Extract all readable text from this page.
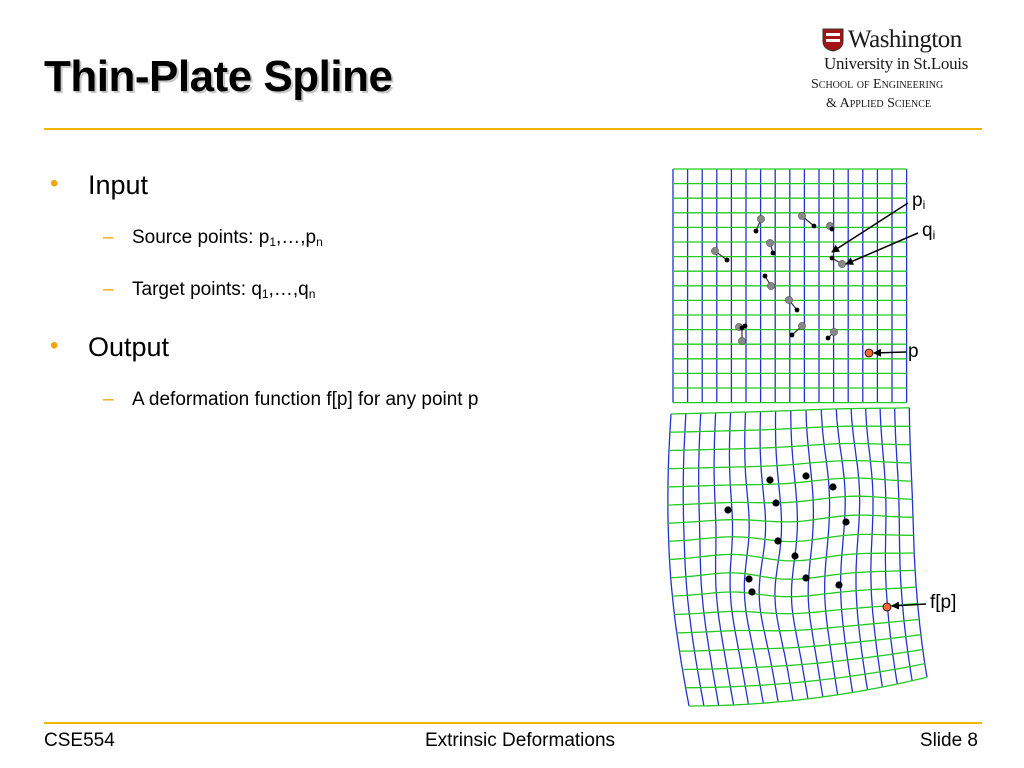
Thin-Plate Spline
Washington
University in St.Louis
School of Engineering
& Applied Science
• Input
– Source points: $p_1,\dots,p_n$
– Target points: $q_1,\dots,q_n$
• Output
– A deformation function f[p] for any point p
$p_i$
$q_i$
p
f[p]
CSE554	Extrinsic Deformations	Slide 8
